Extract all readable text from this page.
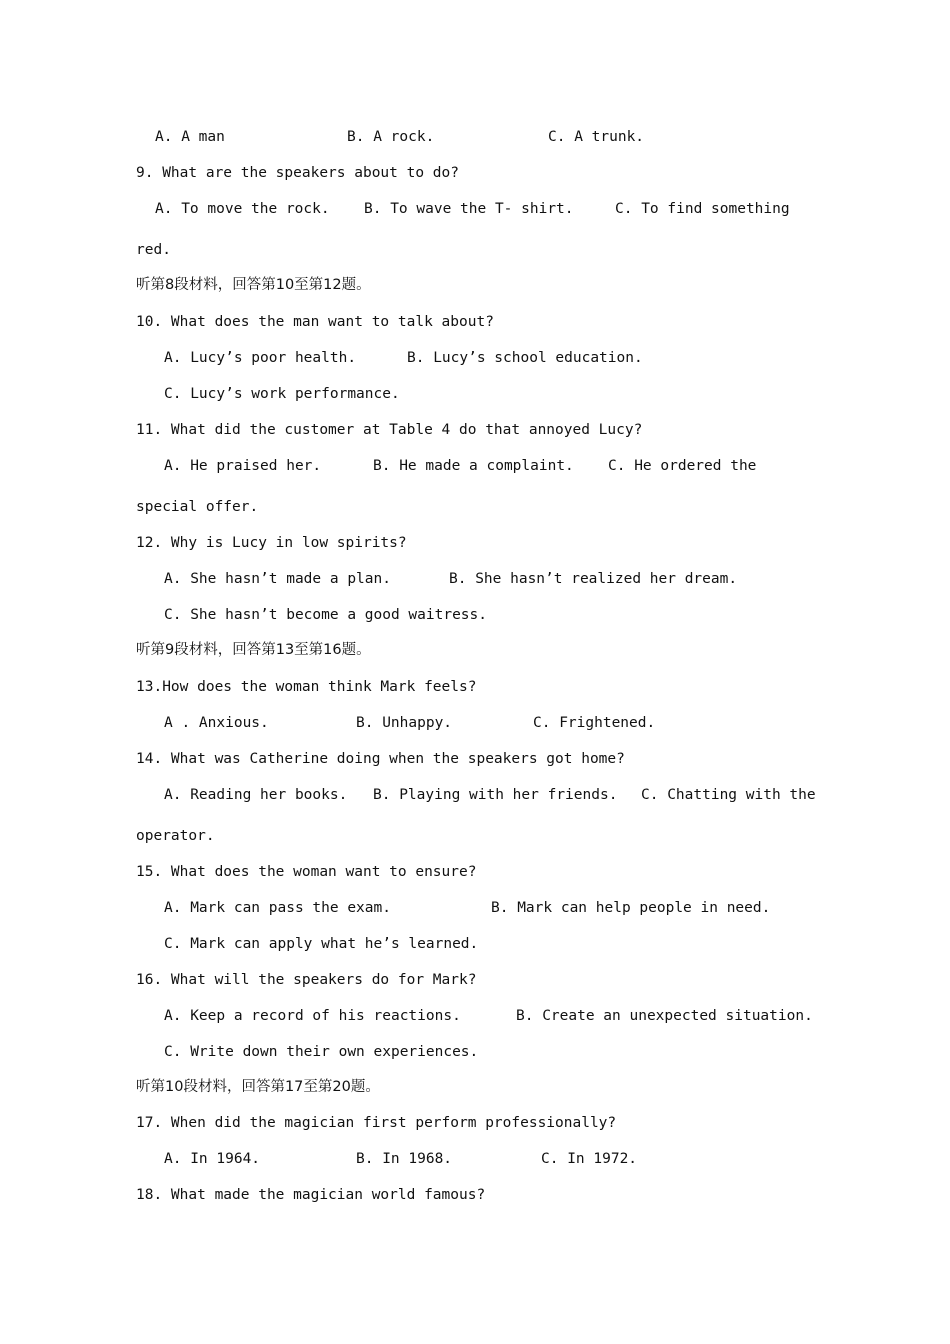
A. A man	B. A rock.	C. A trunk.
9. What are the speakers about to do?
A. To move the rock. B. To wave the T- shirt.	C. To find something
red.
听第8段材料，回答第10至第12题。
10. What does the man want to talk about?
A. Lucy’s poor health.	B. Lucy’s school education.
C. Lucy’s work performance.
11. What did the customer at Table 4 do that annoyed Lucy?
A. He praised her.	B. He made a complaint. C. He ordered the
special offer.
12. Why is Lucy in low spirits?
A. She hasn’t made a plan.	B. She hasn’t realized her dream.
C. She hasn’t become a good waitress.
听第9段材料，回答第13至第16题。
13.How does the woman think Mark feels?
A . Anxious.	B. Unhappy.	C. Frightened.
14. What was Catherine doing when the speakers got home?
A. Reading her books. B. Playing with her friends. C. Chatting with the
operator.
15. What does the woman want to ensure?
A. Mark can pass the exam.	B. Mark can help people in need.
C. Mark can apply what he’s learned.
16. What will the speakers do for Mark?
A. Keep a record of his reactions.	B. Create an unexpected situation.
C. Write down their own experiences.
听第10段材料，回答第17至第20题。
17. When did the magician first perform professionally?
A. In 1964.	B. In 1968.	C. In 1972.
18. What made the magician world famous?
